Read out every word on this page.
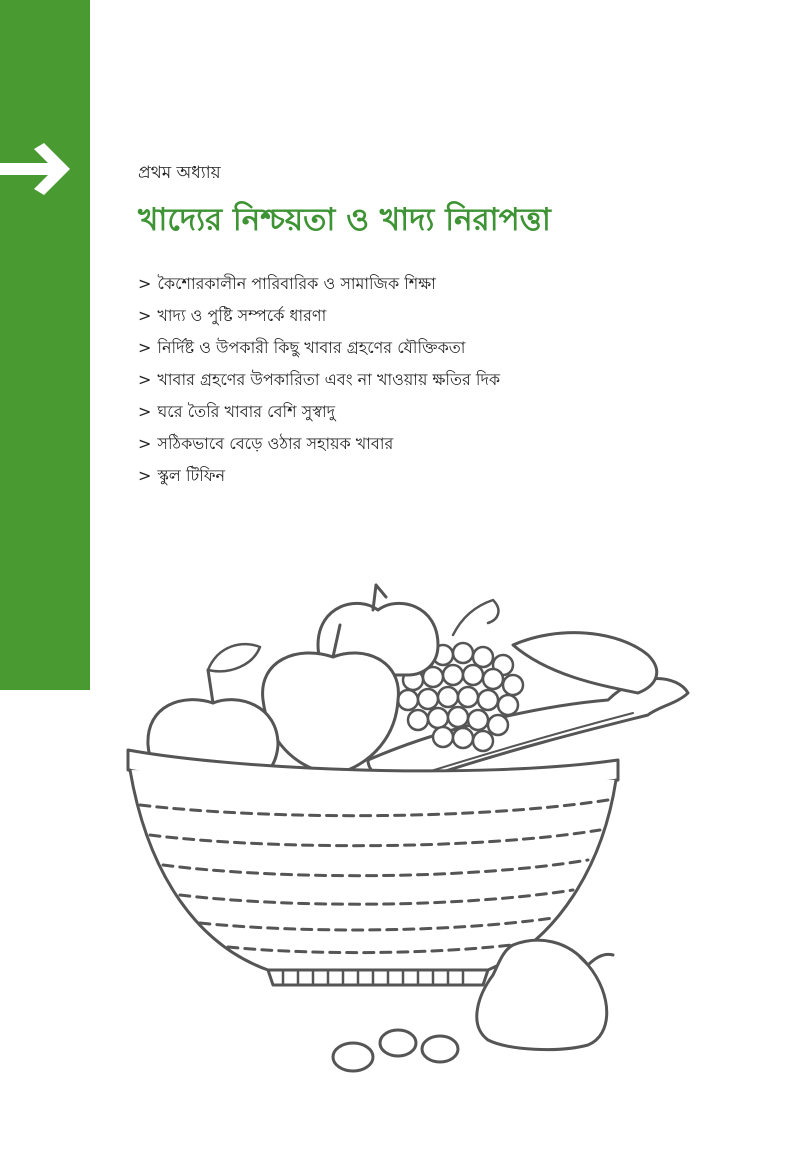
প্রথম অধ্যায়
খাদ্যের নিশ্চয়তা ও খাদ্য নিরাপত্তা
> কৈশোরকালীন পারিবারিক ও সামাজিক শিক্ষা
> খাদ্য ও পুষ্টি সম্পর্কে ধারণা
> নির্দিষ্ট ও উপকারী কিছু খাবার গ্রহণের যৌক্তিকতা
> খাবার গ্রহণের উপকারিতা এবং না খাওয়ায় ক্ষতির দিক
> ঘরে তৈরি খাবার বেশি সুস্বাদু
> সঠিকভাবে বেড়ে ওঠার সহায়ক খাবার
> স্কুল টিফিন
